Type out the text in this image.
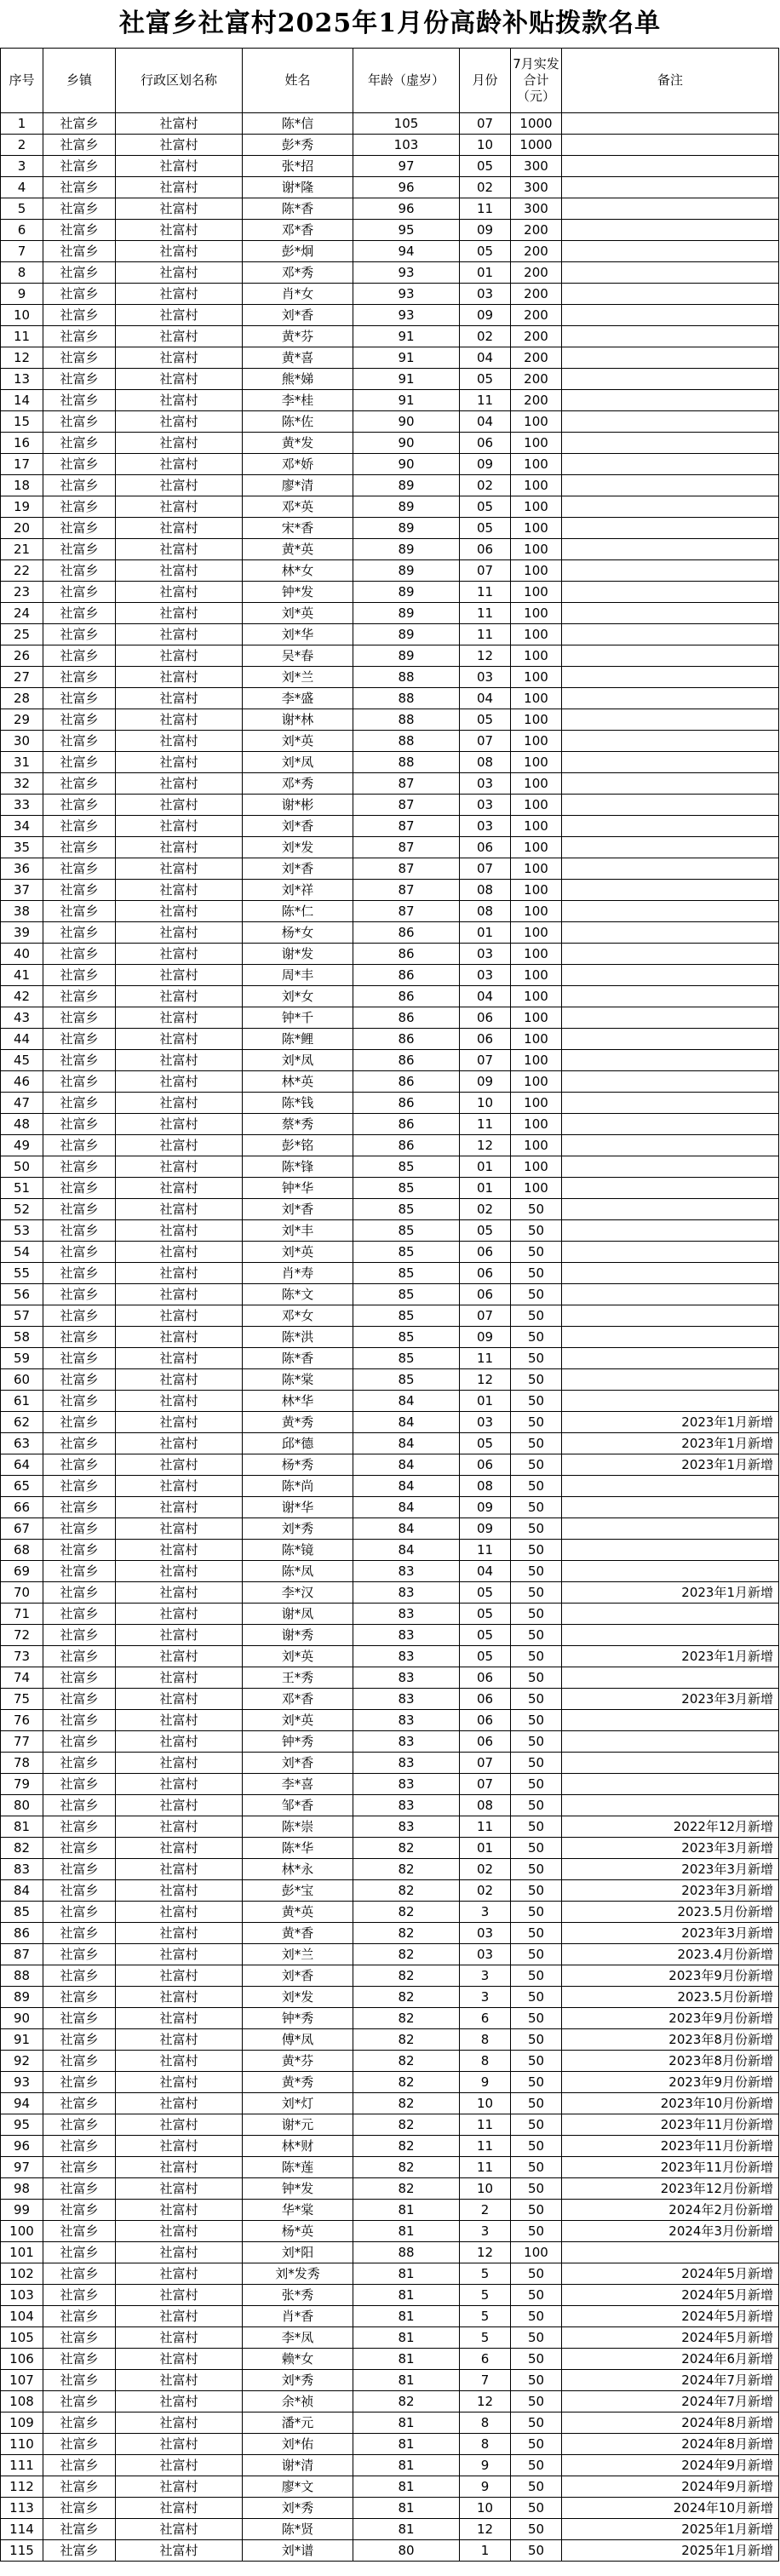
社富乡社富村2025年1月份高龄补贴拨款名单
序号	乡镇	行政区划名称	姓名	年龄（虚岁）	月份	7月实发合计（元）	备注
1	社富乡	社富村	陈*信	105	07	1000	
2	社富乡	社富村	彭*秀	103	10	1000	
3	社富乡	社富村	张*招	97	05	300	
4	社富乡	社富村	谢*隆	96	02	300	
5	社富乡	社富村	陈*香	96	11	300	
6	社富乡	社富村	邓*香	95	09	200	
7	社富乡	社富村	彭*炯	94	05	200	
8	社富乡	社富村	邓*秀	93	01	200	
9	社富乡	社富村	肖*女	93	03	200	
10	社富乡	社富村	刘*香	93	09	200	
11	社富乡	社富村	黄*芬	91	02	200	
12	社富乡	社富村	黄*喜	91	04	200	
13	社富乡	社富村	熊*娣	91	05	200	
14	社富乡	社富村	李*桂	91	11	200	
15	社富乡	社富村	陈*佐	90	04	100	
16	社富乡	社富村	黄*发	90	06	100	
17	社富乡	社富村	邓*娇	90	09	100	
18	社富乡	社富村	廖*清	89	02	100	
19	社富乡	社富村	邓*英	89	05	100	
20	社富乡	社富村	宋*香	89	05	100	
21	社富乡	社富村	黄*英	89	06	100	
22	社富乡	社富村	林*女	89	07	100	
23	社富乡	社富村	钟*发	89	11	100	
24	社富乡	社富村	刘*英	89	11	100	
25	社富乡	社富村	刘*华	89	11	100	
26	社富乡	社富村	吴*春	89	12	100	
27	社富乡	社富村	刘*兰	88	03	100	
28	社富乡	社富村	李*盛	88	04	100	
29	社富乡	社富村	谢*林	88	05	100	
30	社富乡	社富村	刘*英	88	07	100	
31	社富乡	社富村	刘*凤	88	08	100	
32	社富乡	社富村	邓*秀	87	03	100	
33	社富乡	社富村	谢*彬	87	03	100	
34	社富乡	社富村	刘*香	87	03	100	
35	社富乡	社富村	刘*发	87	06	100	
36	社富乡	社富村	刘*香	87	07	100	
37	社富乡	社富村	刘*祥	87	08	100	
38	社富乡	社富村	陈*仁	87	08	100	
39	社富乡	社富村	杨*女	86	01	100	
40	社富乡	社富村	谢*发	86	03	100	
41	社富乡	社富村	周*丰	86	03	100	
42	社富乡	社富村	刘*女	86	04	100	
43	社富乡	社富村	钟*千	86	06	100	
44	社富乡	社富村	陈*鲤	86	06	100	
45	社富乡	社富村	刘*凤	86	07	100	
46	社富乡	社富村	林*英	86	09	100	
47	社富乡	社富村	陈*钱	86	10	100	
48	社富乡	社富村	蔡*秀	86	11	100	
49	社富乡	社富村	彭*铭	86	12	100	
50	社富乡	社富村	陈*锋	85	01	100	
51	社富乡	社富村	钟*华	85	01	100	
52	社富乡	社富村	刘*香	85	02	50	
53	社富乡	社富村	刘*丰	85	05	50	
54	社富乡	社富村	刘*英	85	06	50	
55	社富乡	社富村	肖*寿	85	06	50	
56	社富乡	社富村	陈*文	85	06	50	
57	社富乡	社富村	邓*女	85	07	50	
58	社富乡	社富村	陈*洪	85	09	50	
59	社富乡	社富村	陈*香	85	11	50	
60	社富乡	社富村	陈*棠	85	12	50	
61	社富乡	社富村	林*华	84	01	50	
62	社富乡	社富村	黄*秀	84	03	50	2023年1月新增
63	社富乡	社富村	邱*德	84	05	50	2023年1月新增
64	社富乡	社富村	杨*秀	84	06	50	2023年1月新增
65	社富乡	社富村	陈*尚	84	08	50	
66	社富乡	社富村	谢*华	84	09	50	
67	社富乡	社富村	刘*秀	84	09	50	
68	社富乡	社富村	陈*镜	84	11	50	
69	社富乡	社富村	陈*凤	83	04	50	
70	社富乡	社富村	李*汉	83	05	50	2023年1月新增
71	社富乡	社富村	谢*凤	83	05	50	
72	社富乡	社富村	谢*秀	83	05	50	
73	社富乡	社富村	刘*英	83	05	50	2023年1月新增
74	社富乡	社富村	王*秀	83	06	50	
75	社富乡	社富村	邓*香	83	06	50	2023年3月新增
76	社富乡	社富村	刘*英	83	06	50	
77	社富乡	社富村	钟*秀	83	06	50	
78	社富乡	社富村	刘*香	83	07	50	
79	社富乡	社富村	李*喜	83	07	50	
80	社富乡	社富村	邹*香	83	08	50	
81	社富乡	社富村	陈*崇	83	11	50	2022年12月新增
82	社富乡	社富村	陈*华	82	01	50	2023年3月新增
83	社富乡	社富村	林*永	82	02	50	2023年3月新增
84	社富乡	社富村	彭*宝	82	02	50	2023年3月新增
85	社富乡	社富村	黄*英	82	3	50	2023.5月份新增
86	社富乡	社富村	黄*香	82	03	50	2023年3月新增
87	社富乡	社富村	刘*兰	82	03	50	2023.4月份新增
88	社富乡	社富村	刘*香	82	3	50	2023年9月份新增
89	社富乡	社富村	刘*发	82	3	50	2023.5月份新增
90	社富乡	社富村	钟*秀	82	6	50	2023年9月份新增
91	社富乡	社富村	傅*凤	82	8	50	2023年8月份新增
92	社富乡	社富村	黄*芬	82	8	50	2023年8月份新增
93	社富乡	社富村	黄*秀	82	9	50	2023年9月份新增
94	社富乡	社富村	刘*灯	82	10	50	2023年10月份新增
95	社富乡	社富村	谢*元	82	11	50	2023年11月份新增
96	社富乡	社富村	林*财	82	11	50	2023年11月份新增
97	社富乡	社富村	陈*莲	82	11	50	2023年11月份新增
98	社富乡	社富村	钟*发	82	10	50	2023年12月份新增
99	社富乡	社富村	华*棠	81	2	50	2024年2月份新增
100	社富乡	社富村	杨*英	81	3	50	2024年3月份新增
101	社富乡	社富村	刘*阳	88	12	100	
102	社富乡	社富村	刘*发秀	81	5	50	2024年5月新增
103	社富乡	社富村	张*秀	81	5	50	2024年5月新增
104	社富乡	社富村	肖*香	81	5	50	2024年5月新增
105	社富乡	社富村	李*凤	81	5	50	2024年5月新增
106	社富乡	社富村	赖*女	81	6	50	2024年6月新增
107	社富乡	社富村	刘*秀	81	7	50	2024年7月新增
108	社富乡	社富村	余*祯	82	12	50	2024年7月新增
109	社富乡	社富村	潘*元	81	8	50	2024年8月新增
110	社富乡	社富村	刘*佑	81	8	50	2024年8月新增
111	社富乡	社富村	谢*清	81	9	50	2024年9月新增
112	社富乡	社富村	廖*文	81	9	50	2024年9月新增
113	社富乡	社富村	刘*秀	81	10	50	2024年10月新增
114	社富乡	社富村	陈*贤	81	12	50	2025年1月新增
115	社富乡	社富村	刘*谱	80	1	50	2025年1月新增
